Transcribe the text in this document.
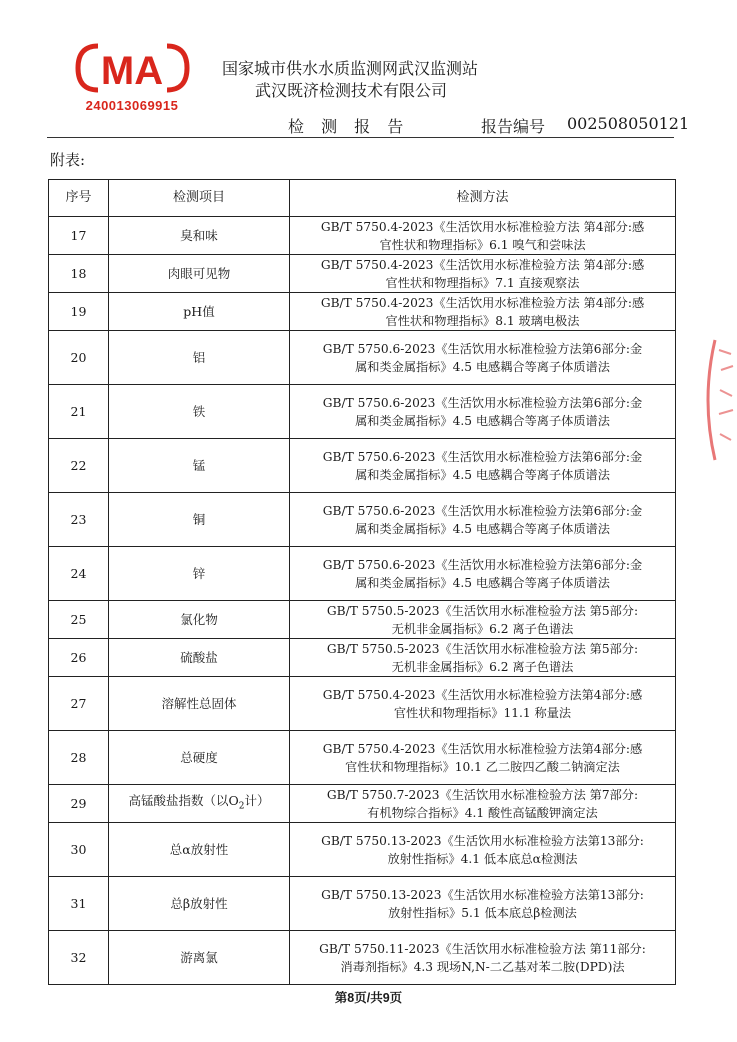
MA
240013069915
国家城市供水水质监测网武汉监测站
武汉既济检测技术有限公司
检 测 报 告	报告编号 002508050121
附表:
序号	检测项目	检测方法
17	臭和味	GB/T 5750.4-2023《生活饮用水标准检验方法 第4部分:感
官性状和物理指标》6.1 嗅气和尝味法

18	肉眼可见物	GB/T 5750.4-2023《生活饮用水标准检验方法 第4部分:感
官性状和物理指标》7.1 直接观察法

19	pH值	GB/T 5750.4-2023《生活饮用水标准检验方法 第4部分:感
官性状和物理指标》8.1 玻璃电极法

20	铝	GB/T 5750.6-2023《生活饮用水标准检验方法第6部分:金
属和类金属指标》4.5 电感耦合等离子体质谱法

21	铁	GB/T 5750.6-2023《生活饮用水标准检验方法第6部分:金
属和类金属指标》4.5 电感耦合等离子体质谱法

22	锰	GB/T 5750.6-2023《生活饮用水标准检验方法第6部分:金
属和类金属指标》4.5 电感耦合等离子体质谱法

23	铜	GB/T 5750.6-2023《生活饮用水标准检验方法第6部分:金
属和类金属指标》4.5 电感耦合等离子体质谱法

24	锌	GB/T 5750.6-2023《生活饮用水标准检验方法第6部分:金
属和类金属指标》4.5 电感耦合等离子体质谱法

25	氯化物	GB/T 5750.5-2023《生活饮用水标准检验方法 第5部分:
无机非金属指标》6.2 离子色谱法

26	硫酸盐	GB/T 5750.5-2023《生活饮用水标准检验方法 第5部分:
无机非金属指标》6.2 离子色谱法

27	溶解性总固体	GB/T 5750.4-2023《生活饮用水标准检验方法第4部分:感
官性状和物理指标》11.1 称量法

28	总硬度	GB/T 5750.4-2023《生活饮用水标准检验方法第4部分:感
官性状和物理指标》10.1 乙二胺四乙酸二钠滴定法

29	高锰酸盐指数（以$O_2$计）	GB/T 5750.7-2023《生活饮用水标准检验方法 第7部分:
有机物综合指标》4.1 酸性高锰酸钾滴定法

30	总α放射性	GB/T 5750.13-2023《生活饮用水标准检验方法第13部分:
放射性指标》4.1 低本底总α检测法

31	总β放射性	GB/T 5750.13-2023《生活饮用水标准检验方法第13部分:
放射性指标》5.1 低本底总β检测法

32	游离氯	GB/T 5750.11-2023《生活饮用水标准检验方法 第11部分:
消毒剂指标》4.3 现场N,N-二乙基对苯二胺(DPD)法
第8页/共9页
